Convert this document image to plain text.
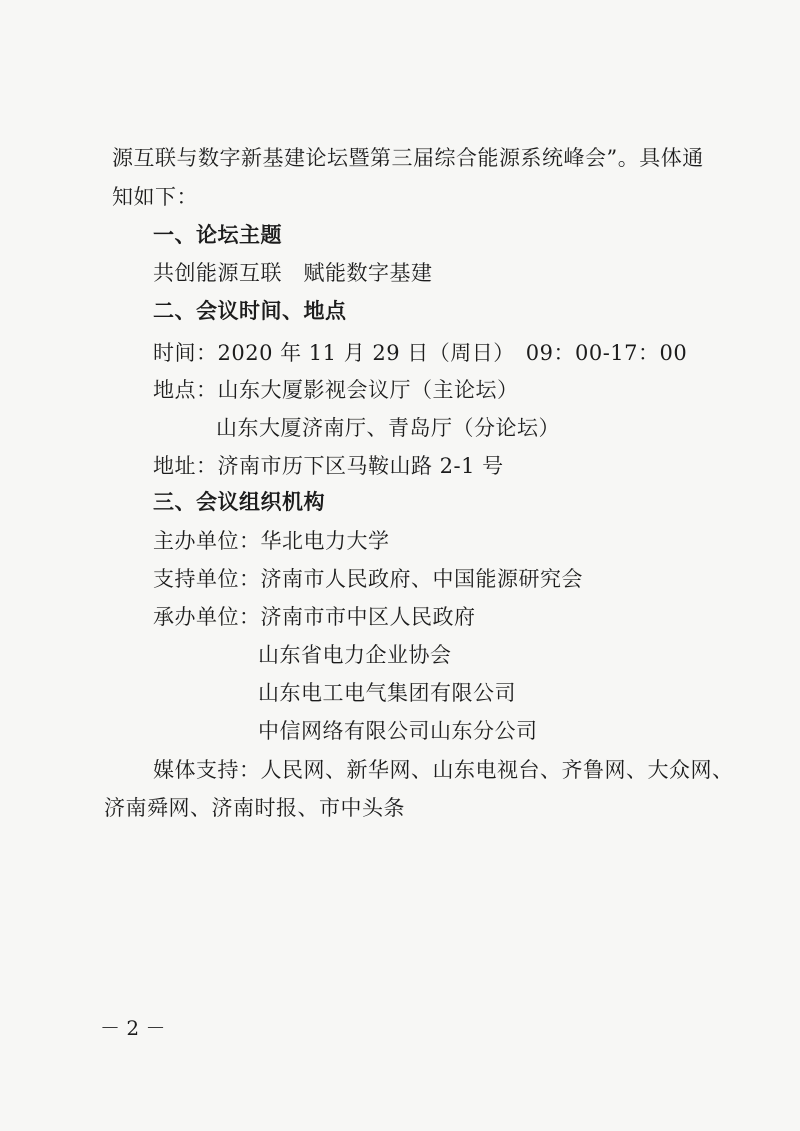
源互联与数字新基建论坛暨第三届综合能源系统峰会”。具体通
知如下：
一、论坛主题
共创能源互联　赋能数字基建
二、会议时间、地点
时间：2020 年 11 月 29 日（周日）　09：00-17：00
地点：山东大厦影视会议厅（主论坛）
山东大厦济南厅、青岛厅（分论坛）
地址：济南市历下区马鞍山路 2-1 号
三、会议组织机构
主办单位：华北电力大学
支持单位：济南市人民政府、中国能源研究会
承办单位：济南市市中区人民政府
山东省电力企业协会
山东电工电气集团有限公司
中信网络有限公司山东分公司
媒体支持：人民网、新华网、山东电视台、齐鲁网、大众网、
济南舜网、济南时报、市中头条
－ 2 －
